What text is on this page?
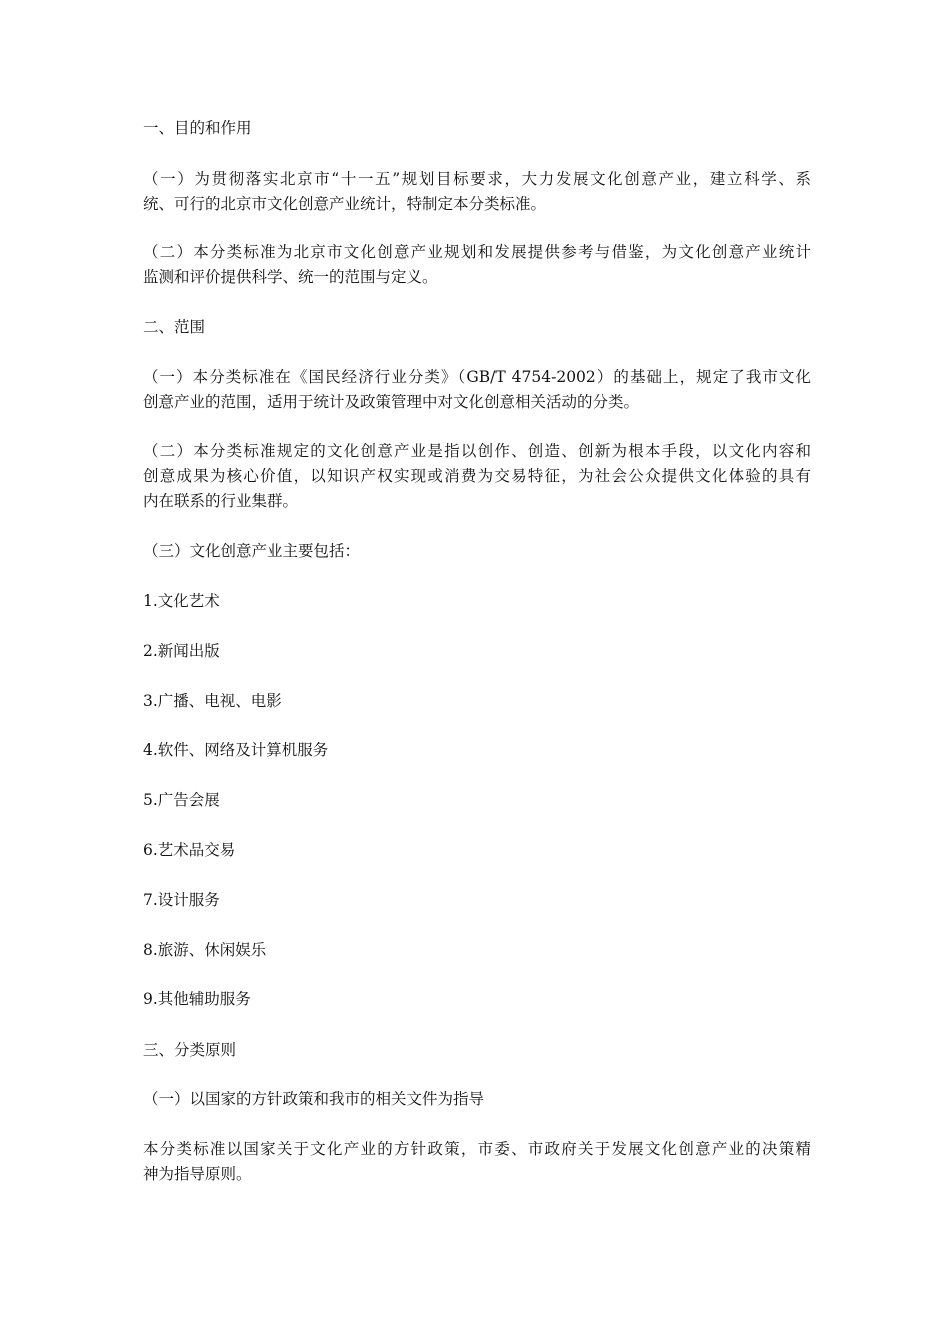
一、目的和作用

（一）为贯彻落实北京市“十一五”规划目标要求，大力发展文化创意产业，建立科学、系
统、可行的北京市文化创意产业统计，特制定本分类标准。

（二）本分类标准为北京市文化创意产业规划和发展提供参考与借鉴，为文化创意产业统计
监测和评价提供科学、统一的范围与定义。

二、范围

（一）本分类标准在《国民经济行业分类》（GB/T 4754-2002）的基础上，规定了我市文化
创意产业的范围，适用于统计及政策管理中对文化创意相关活动的分类。

（二）本分类标准规定的文化创意产业是指以创作、创造、创新为根本手段，以文化内容和
创意成果为核心价值，以知识产权实现或消费为交易特征，为社会公众提供文化体验的具有
内在联系的行业集群。

（三）文化创意产业主要包括：

1.文化艺术

2.新闻出版

3.广播、电视、电影

4.软件、网络及计算机服务

5.广告会展

6.艺术品交易

7.设计服务

8.旅游、休闲娱乐

9.其他辅助服务

三、分类原则

（一）以国家的方针政策和我市的相关文件为指导

本分类标准以国家关于文化产业的方针政策，市委、市政府关于发展文化创意产业的决策精
神为指导原则。
